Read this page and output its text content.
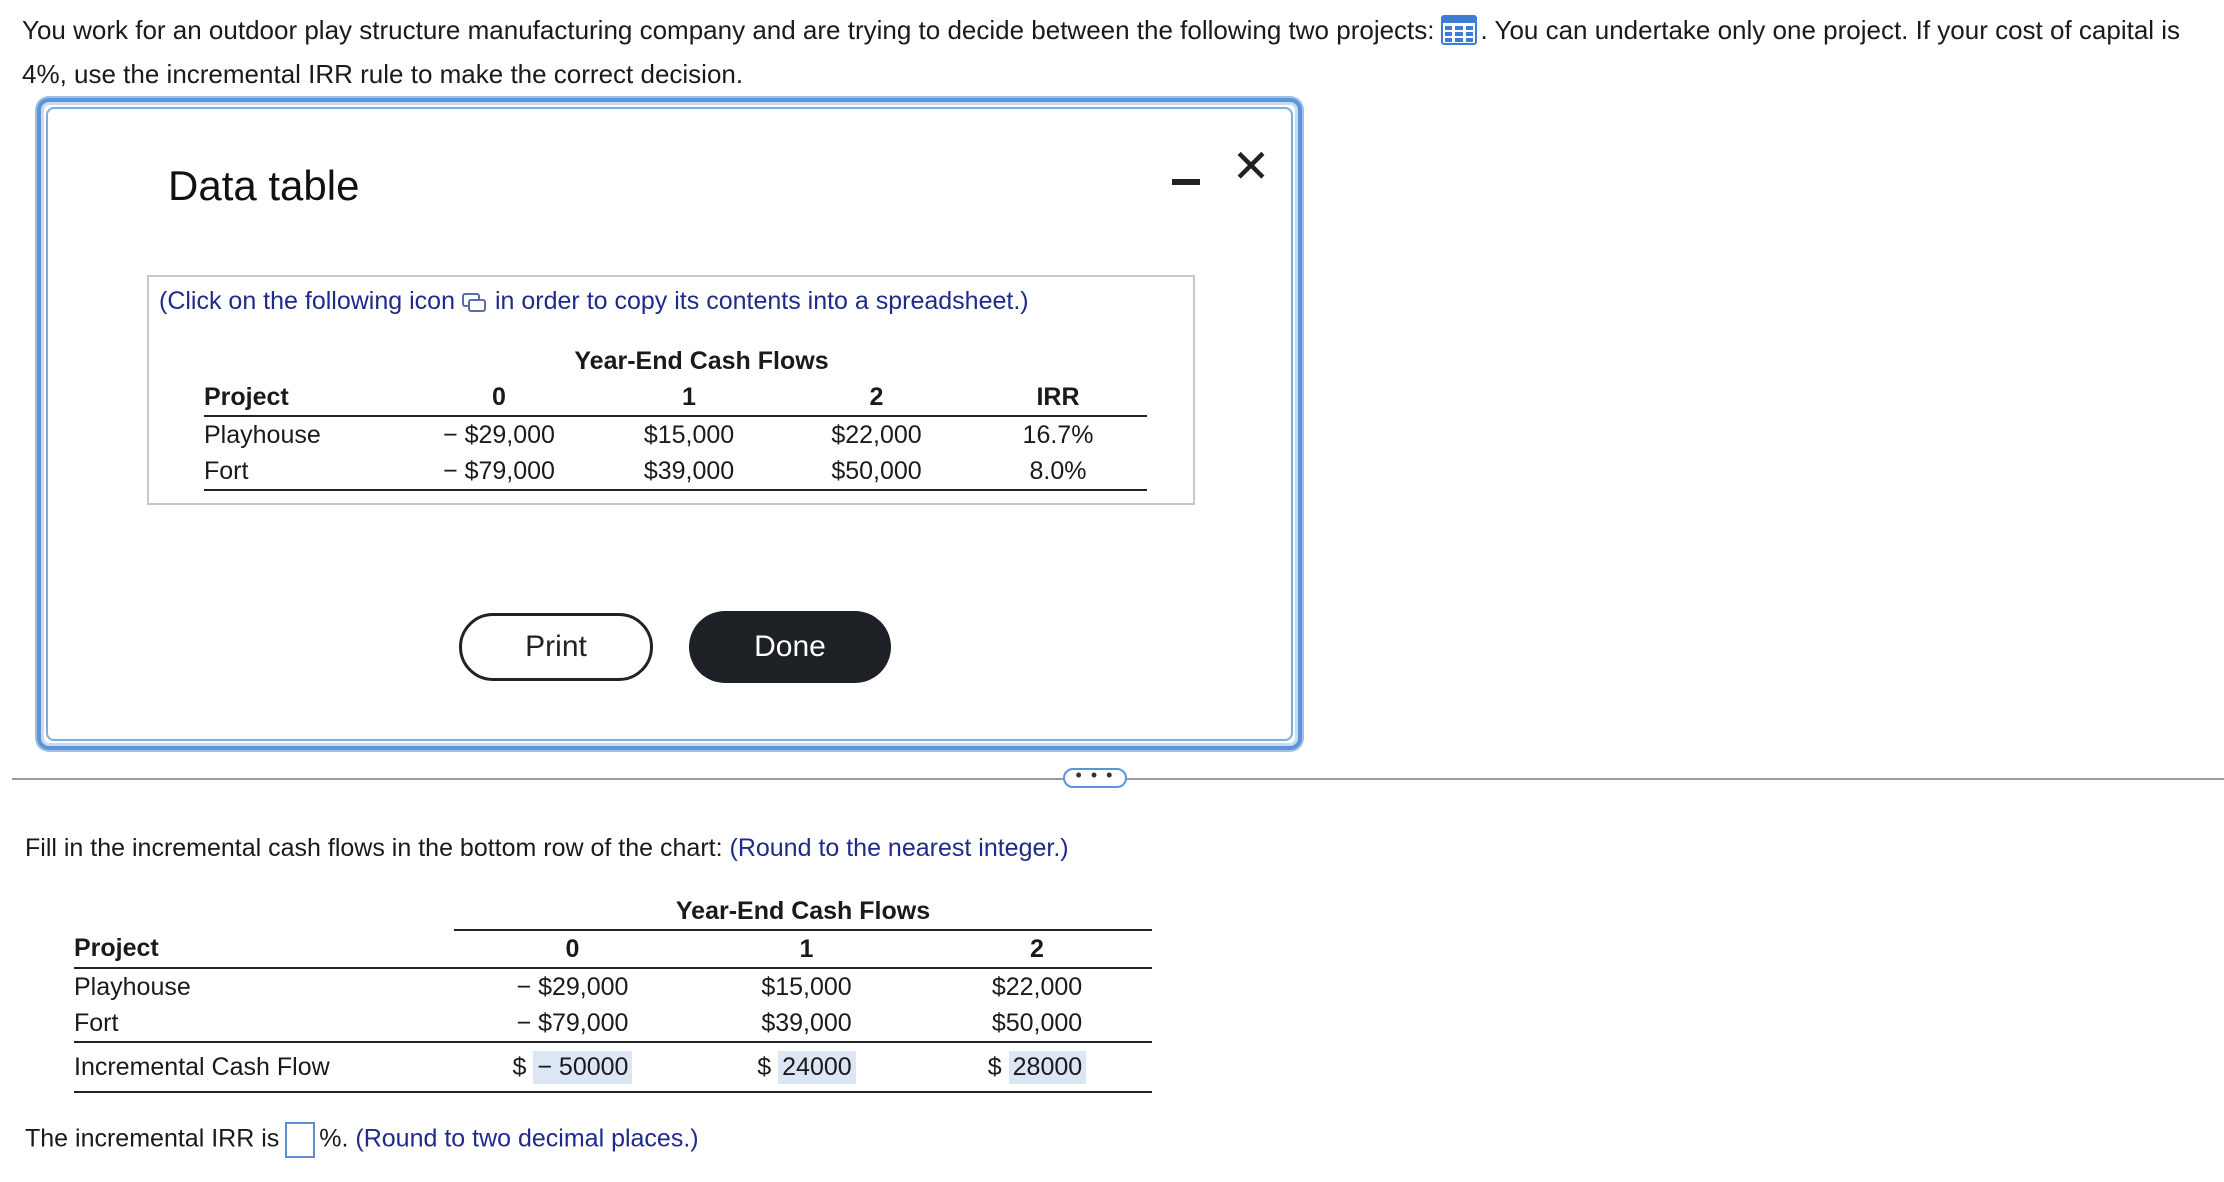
You work for an outdoor play structure manufacturing company and are trying to decide between the following two projects: . You can undertake only one project. If your cost of capital is 4%, use the incremental IRR rule to make the correct decision.
Data table	✕
(Click on the following icon in order to copy its contents into a spreadsheet.)
	Year-End Cash Flows			
Project	0	1	2	IRR
Playhouse	− $29,000	$15,000	$22,000	16.7%
Fort	− $79,000	$39,000	$50,000	8.0%
Print	Done
• • •
Fill in the incremental cash flows in the bottom row of the chart: (Round to the nearest integer.)
	Year-End Cash Flows		
Project	0	1	2
Playhouse	− $29,000	$15,000	$22,000
Fort	− $79,000	$39,000	$50,000
Incremental Cash Flow	$ − 50000	$ 24000	$ 28000
The incremental IRR is %. (Round to two decimal places.)
